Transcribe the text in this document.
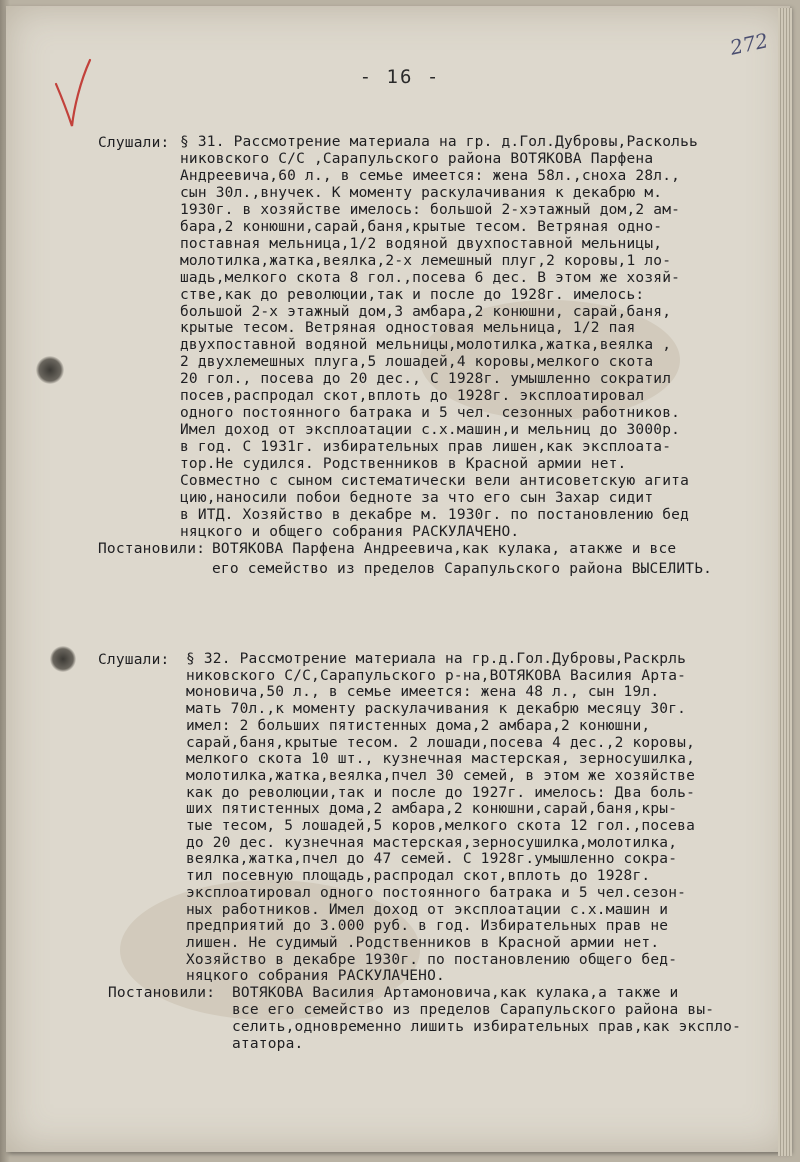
- 16 -
272
Слушали: § 31. Рассмотрение материала на гр. д.Гол.Дубровы,Раскольь
никовского С/С ,Сарапульского района ВОТЯКОВА Парфена
Андреевича,60 л., в семье имеется: жена 58л.,сноха 28л.,
сын 30л.,внучек. К моменту раскулачивания к декабрю м.
1930г. в хозяйстве имелось: большой 2-хэтажный дом,2 ам-
бара,2 конюшни,сарай,баня,крытые тесом. Ветряная одно-
поставная мельница,1/2 водяной двухпоставной мельницы,
молотилка,жатка,веялка,2-х лемешный плуг,2 коровы,1 ло-
шадь,мелкого скота 8 гол.,посева 6 дес. В этом же хозяй-
стве,как до революции,так и после до 1928г. имелось:
большой 2-х этажный дом,3 амбара,2 конюшни, сарай,баня,
крытые тесом. Ветряная одностовая мельница, 1/2 пая
двухпоставной водяной мельницы,молотилка,жатка,веялка ,
2 двухлемешных плуга,5 лошадей,4 коровы,мелкого скота
20 гол., посева до 20 дес., С 1928г. умышленно сократил
посев,распродал скот,вплоть до 1928г. эксплоатировал
одного постоянного батрака и 5 чел. сезонных работников.
Имел доход от эксплоатации с.х.машин,и мельниц до 3000р.
в год. С 1931г. избирательных прав лишен,как эксплоата-
тор.Не судился. Родственников в Красной армии нет.
Совместно с сыном систематически вели антисоветскую агита
цию,наносили побои бедноте за что его сын Захар сидит
в ИТД. Хозяйство в декабре м. 1930г. по постановлению бед
няцкого и общего собрания РАСКУЛАЧЕНО.
Постановили: ВОТЯКОВА Парфена Андреевича,как кулака, атакже и все
его семейство из пределов Сарапульского района ВЫСЕЛИТЬ.
Слушали: § 32. Рассмотрение материала на гр.д.Гол.Дубровы,Раскрль
никовского С/С,Сарапульского р-на,ВОТЯКОВА Василия Арта-
моновича,50 л., в семье имеется: жена 48 л., сын 19л.
мать 70л.,к моменту раскулачивания к декабрю месяцу 30г.
имел: 2 больших пятистенных дома,2 амбара,2 конюшни,
сарай,баня,крытые тесом. 2 лошади,посева 4 дес.,2 коровы,
мелкого скота 10 шт., кузнечная мастерская, зерносушилка,
молотилка,жатка,веялка,пчел 30 семей, в этом же хозяйстве
как до революции,так и после до 1927г. имелось: Два боль-
ших пятистенных дома,2 амбара,2 конюшни,сарай,баня,кры-
тые тесом, 5 лошадей,5 коров,мелкого скота 12 гол.,посева
до 20 дес. кузнечная мастерская,зерносушилка,молотилка,
веялка,жатка,пчел до 47 семей. С 1928г.умышленно сокра-
тил посевную площадь,распродал скот,вплоть до 1928г.
эксплоатировал одного постоянного батрака и 5 чел.сезон-
ных работников. Имел доход от эксплоатации с.х.машин и
предприятий до 3.000 руб. в год. Избирательных прав не
лишен. Не судимый .Родственников в Красной армии нет.
Хозяйство в декабре 1930г. по постановлению общего бед-
няцкого собрания РАСКУЛАЧЕНО.
Постановили: ВОТЯКОВА Василия Артамоновича,как кулака,а также и
все его семейство из пределов Сарапульского района вы-
селить,одновременно лишить избирательных прав,как экспло-
ататора.
